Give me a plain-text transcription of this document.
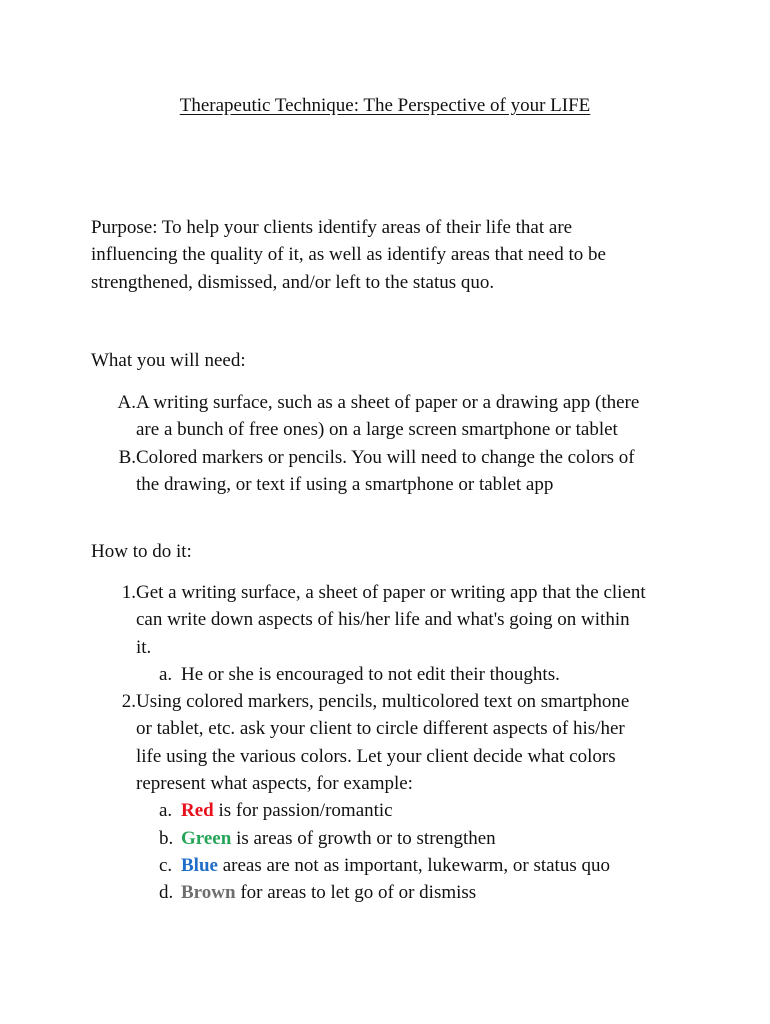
Therapeutic Technique: The Perspective of your LIFE
Purpose: To help your clients identify areas of their life that are
influencing the quality of it, as well as identify areas that need to be
strengthened, dismissed, and/or left to the status quo.
What you will need:
A. A writing surface, such as a sheet of paper or a drawing app (there
are a bunch of free ones) on a large screen smartphone or tablet
B. Colored markers or pencils. You will need to change the colors of
the drawing, or text if using a smartphone or tablet app
How to do it:
1. Get a writing surface, a sheet of paper or writing app that the client
can write down aspects of his/her life and what's going on within
it.
a. He or she is encouraged to not edit their thoughts.
2. Using colored markers, pencils, multicolored text on smartphone
or tablet, etc. ask your client to circle different aspects of his/her
life using the various colors. Let your client decide what colors
represent what aspects, for example:
a. Red is for passion/romantic
b. Green is areas of growth or to strengthen
c. Blue areas are not as important, lukewarm, or status quo
d. Brown for areas to let go of or dismiss
